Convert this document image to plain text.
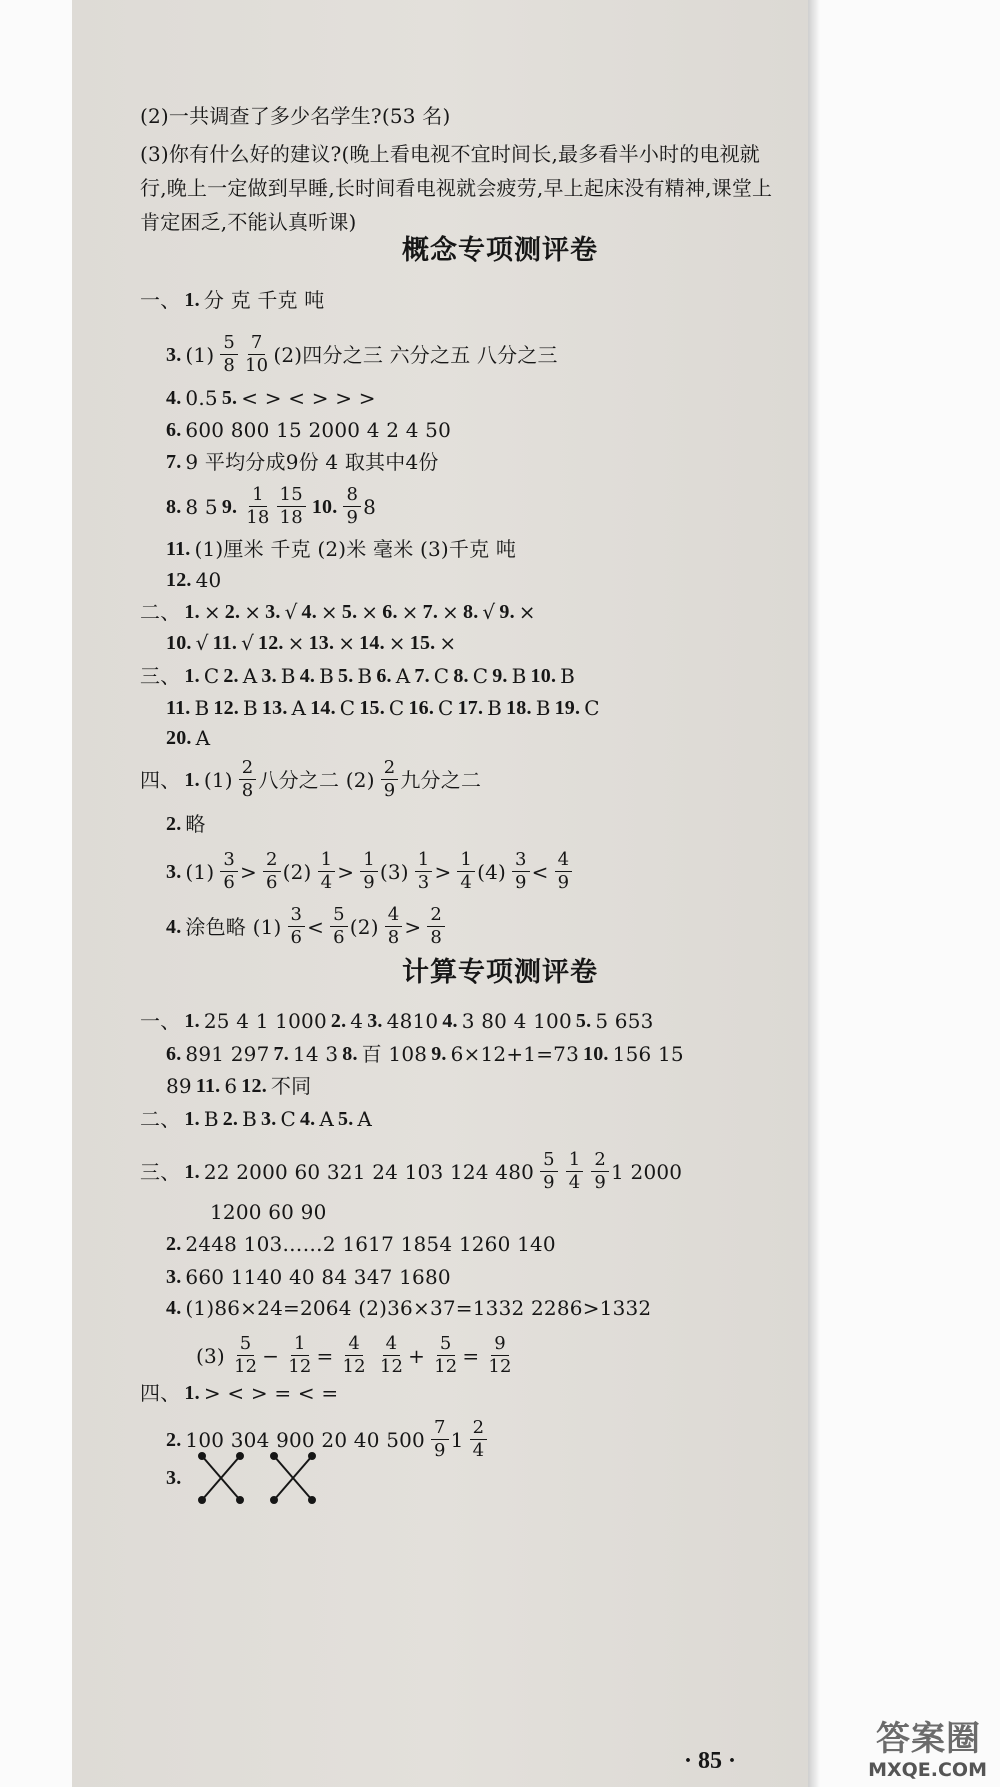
(2)一共调查了多少名学生?(53 名)
(3)你有什么好的建议?(晚上看电视不宜时间长,最多看半小时的电视就
行,晚上一定做到早睡,长时间看电视就会疲劳,早上起床没有精神,课堂上
肯定困乏,不能认真听课)
概念专项测评卷
一、 1. 分 克 千克 吨
3. $(1) \frac{5}{8} \frac{7}{10} (2)$四分之三 六分之五 八分之三
4. 0.55. < > < > > >
6. 600 800 15 2000 4 2 4 50
7. 9 平均分成9份 4 取其中4份
8. 8 59. $\frac{1}{18} \frac{15}{18} 10$. $\frac{8}{9} 8$
11. (1)厘米 千克 (2)米 毫米 (3)千克 吨
12. 40
二、 1. ×2. ×3. √4. ×5. ×6. ×7. ×8. √9. ×
10. √11. √12. ×13. ×14. ×15. ×
三、 1. C2. A3. B4. B5. B6. A7. C8. C9. B10. B
11. B12. B13. A14. C15. C16. C17. B18. B19. C
20. A
四、 1. $(1) \frac{2}{8}$ 八分之二 $(2) \frac{2}{9}$ 九分之二
2. 略
3. $(1) \frac{3}{6} > \frac{2}{6} (2) \frac{1}{4} > \frac{1}{9} (3) \frac{1}{3} > \frac{1}{4} (4) \frac{3}{9} < \frac{4}{9}$
4. 涂色略 $(1) \frac{3}{6} < \frac{5}{6} (2) \frac{4}{8} > \frac{2}{8}$
计算专项测评卷
一、 1. 25 4 1 10002. 43. 48104. 3 80 4 1005. 5 653
6. 891 2977. 14 38. 百 1089. 6×12+1=7310. 156 15
8911. 612. 不同
二、 1. B2. B3. C4. A5. A
三、 1. 22 2000 60 321 24 103 124 $480 \frac{5}{9} \frac{1}{4} \frac{2}{9} 1$ 2000
1200 60 90
2. 2448 103……2 1617 1854 1260 140
3. 660 1140 40 84 347 1680
4. (1)86×24=2064 (2)36×37=1332 2286>1332
$(3) \frac{5}{12} - \frac{1}{12} = \frac{4}{12} \frac{4}{12} + \frac{5}{12} = \frac{9}{12}$
四、 1. > < > = < =
2. 100 304 900 20 40 $500 \frac{7}{9} 1 \frac{2}{4}$
3.
· 85 ·
答案圈
MXQE.COM
